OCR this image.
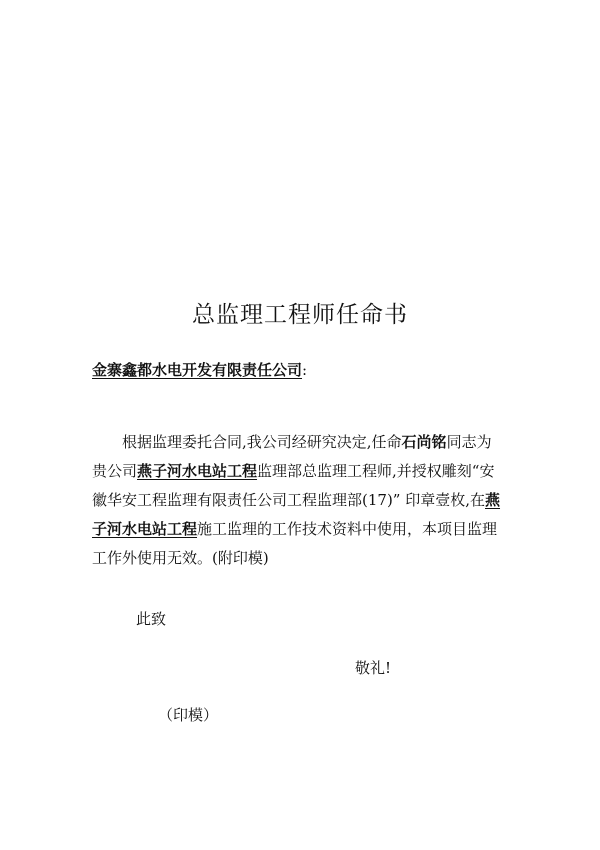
总监理工程师任命书
金寨鑫都水电开发有限责任公司:
根据监理委托合同,我公司经研究决定,任命石尚铭同志为
贵公司燕子河水电站工程监理部总监理工程师,并授权雕刻“安
徽华安工程监理有限责任公司工程监理部(17)” 印章壹枚,在燕
子河水电站工程施工监理的工作技术资料中使用，本项目监理
工作外使用无效。(附印模)
此致
敬礼!
（印模）
